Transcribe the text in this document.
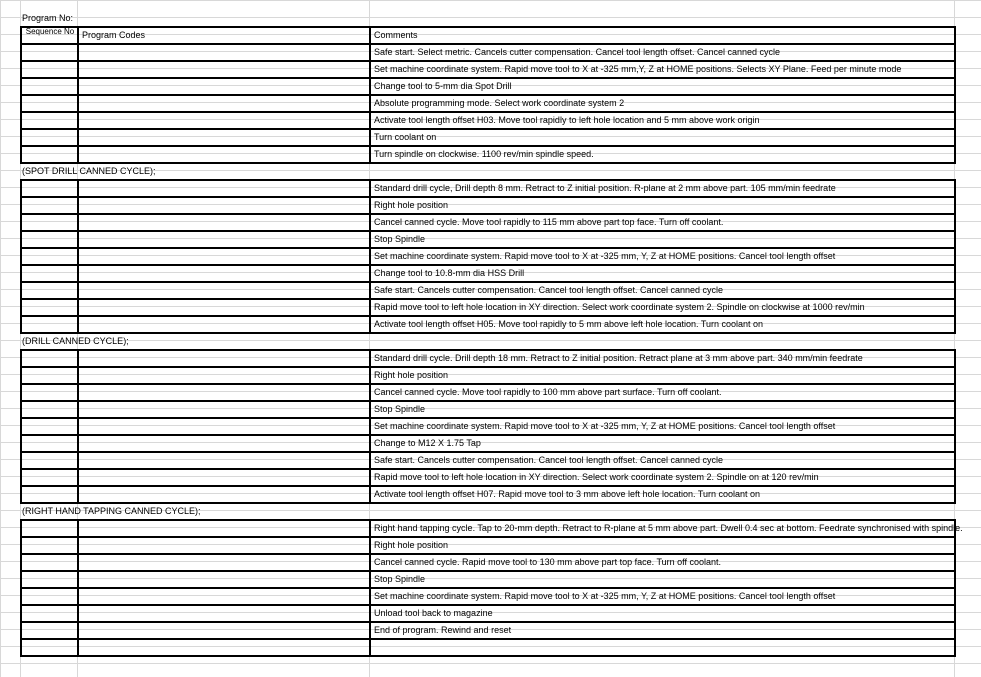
Program No:
Sequence No Program Codes	Comments
Safe start. Select metric. Cancels cutter compensation. Cancel tool length offset. Cancel canned cycle
Set machine coordinate system. Rapid move tool to X at -325 mm,Y, Z at HOME positions. Selects XY Plane. Feed per minute mode
Change tool to 5-mm dia Spot Drill
Absolute programming mode. Select work coordinate system 2
Activate tool length offset H03. Move tool rapidly to left hole location and 5 mm above work origin
Turn coolant on
Turn spindle on clockwise. 1100 rev/min spindle speed.
(SPOT DRILL CANNED CYCLE);
Standard drill cycle, Drill depth 8 mm. Retract to Z initial position. R-plane at 2 mm above part. 105 mm/min feedrate
Right hole position
Cancel canned cycle. Move tool rapidly to 115 mm above part top face. Turn off coolant.
Stop Spindle
Set machine coordinate system. Rapid move tool to X at -325 mm, Y, Z at HOME positions. Cancel tool length offset
Change tool to 10.8-mm dia HSS Drill
Safe start. Cancels cutter compensation. Cancel tool length offset. Cancel canned cycle
Rapid move tool to left hole location in XY direction. Select work coordinate system 2. Spindle on clockwise at 1000 rev/min
Activate tool length offset H05. Move tool rapidly to 5 mm above left hole location. Turn coolant on
(DRILL CANNED CYCLE);
Standard drill cycle. Drill depth 18 mm. Retract to Z initial position. Retract plane at 3 mm above part. 340 mm/min feedrate
Right hole position
Cancel canned cycle. Move tool rapidly to 100 mm above part surface. Turn off coolant.
Stop Spindle
Set machine coordinate system. Rapid move tool to X at -325 mm, Y, Z at HOME positions. Cancel tool length offset
Change to M12 X 1.75 Tap
Safe start. Cancels cutter compensation. Cancel tool length offset. Cancel canned cycle
Rapid move tool to left hole location in XY direction. Select work coordinate system 2. Spindle on at 120 rev/min
Activate tool length offset H07. Rapid move tool to 3 mm above left hole location. Turn coolant on
(RIGHT HAND TAPPING CANNED CYCLE);
Right hand tapping cycle. Tap to 20-mm depth. Retract to R-plane at 5 mm above part. Dwell 0.4 sec at bottom. Feedrate synchronised with spindle.
Right hole position
Cancel canned cycle. Rapid move tool to 130 mm above part top face. Turn off coolant.
Stop Spindle
Set machine coordinate system. Rapid move tool to X at -325 mm, Y, Z at HOME positions. Cancel tool length offset
Unload tool back to magazine
End of program. Rewind and reset
